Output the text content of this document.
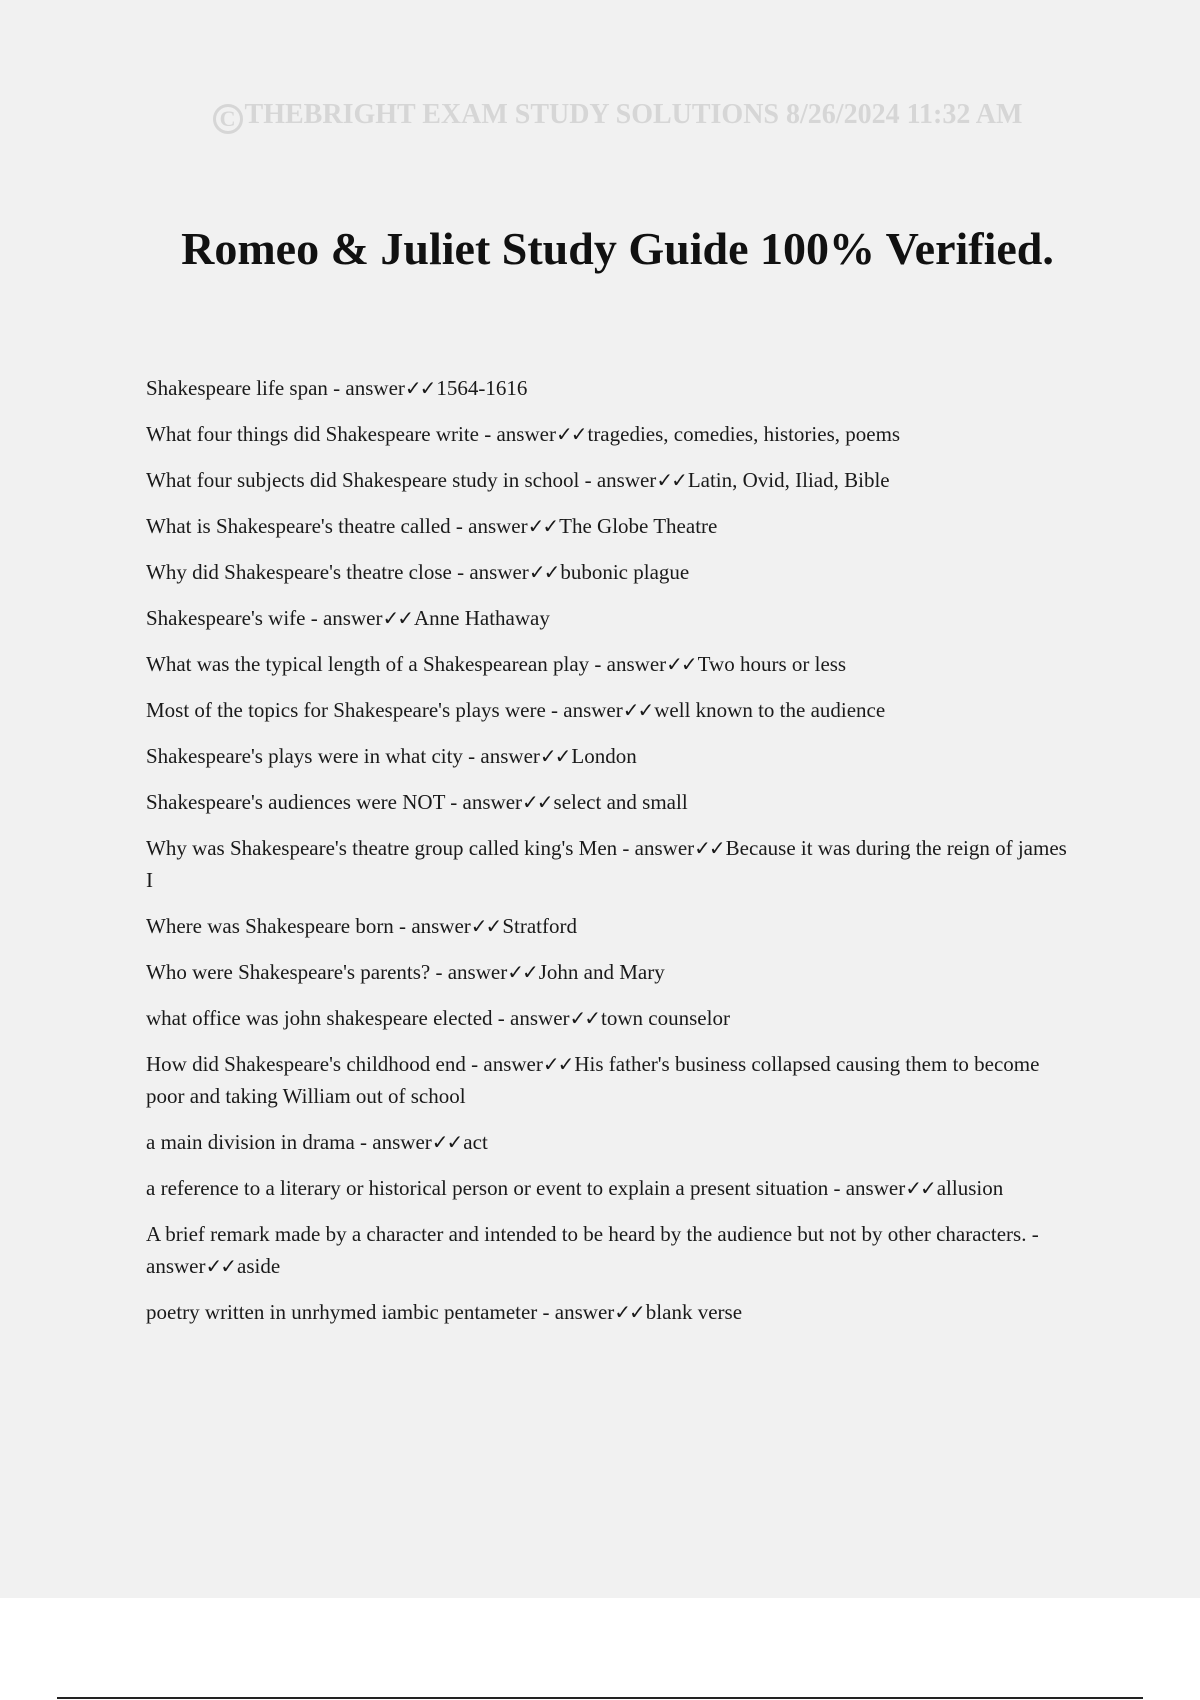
C THEBRIGHT EXAM STUDY SOLUTIONS 8/26/2024 11:32 AM
Romeo & Juliet Study Guide 100% Verified.
Shakespeare life span - answer✓✓1564-1616
What four things did Shakespeare write - answer✓✓tragedies, comedies, histories, poems
What four subjects did Shakespeare study in school - answer✓✓Latin, Ovid, Iliad, Bible
What is Shakespeare's theatre called - answer✓✓The Globe Theatre
Why did Shakespeare's theatre close - answer✓✓bubonic plague
Shakespeare's wife - answer✓✓Anne Hathaway
What was the typical length of a Shakespearean play - answer✓✓Two hours or less
Most of the topics for Shakespeare's plays were - answer✓✓well known to the audience
Shakespeare's plays were in what city - answer✓✓London
Shakespeare's audiences were NOT - answer✓✓select and small
Why was Shakespeare's theatre group called king's Men - answer✓✓Because it was during the reign of james I
Where was Shakespeare born - answer✓✓Stratford
Who were Shakespeare's parents? - answer✓✓John and Mary
what office was john shakespeare elected - answer✓✓town counselor
How did Shakespeare's childhood end - answer✓✓His father's business collapsed causing them to become poor and taking William out of school
a main division in drama - answer✓✓act
a reference to a literary or historical person or event to explain a present situation - answer✓✓allusion
A brief remark made by a character and intended to be heard by the audience but not by other characters. - answer✓✓aside
poetry written in unrhymed iambic pentameter - answer✓✓blank verse
